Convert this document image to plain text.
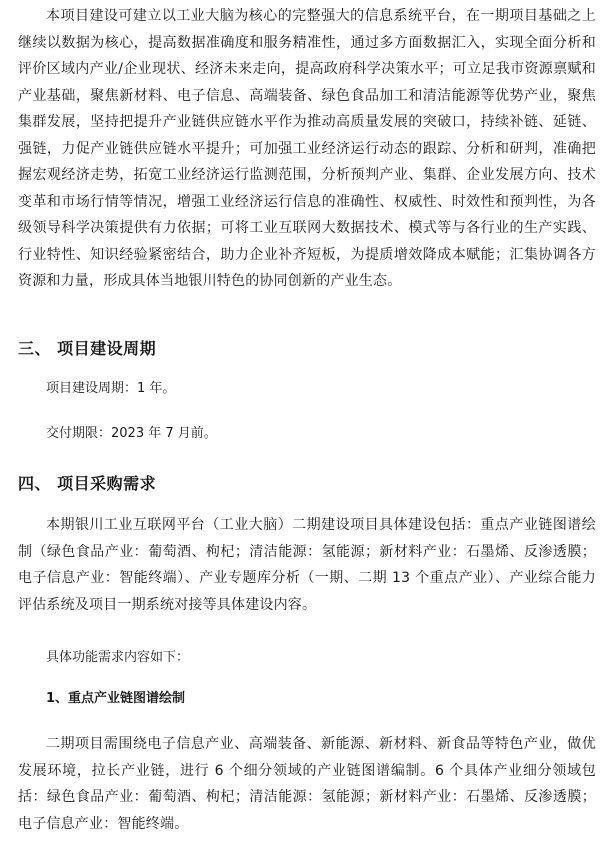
本项目建设可建立以工业大脑为核心的完整强大的信息系统平台，在一期项目基础之上继续以数据为核心，提高数据准确度和服务精准性，通过多方面数据汇入，实现全面分析和评价区域内产业/企业现状、经济未来走向，提高政府科学决策水平；可立足我市资源禀赋和产业基础，聚焦新材料、电子信息、高端装备、绿色食品加工和清洁能源等优势产业，聚焦集群发展，坚持把提升产业链供应链水平作为推动高质量发展的突破口，持续补链、延链、强链，力促产业链供应链水平提升；可加强工业经济运行动态的跟踪、分析和研判，准确把握宏观经济走势，拓宽工业经济运行监测范围，分析预判产业、集群、企业发展方向、技术变革和市场行情等情况，增强工业经济运行信息的准确性、权威性、时效性和预判性，为各级领导科学决策提供有力依据；可将工业互联网大数据技术、模式等与各行业的生产实践、行业特性、知识经验紧密结合，助力企业补齐短板，为提质增效降成本赋能；汇集协调各方资源和力量，形成具体当地银川特色的协同创新的产业生态。

三、 项目建设周期

项目建设周期：1 年。

交付期限：2023 年 7 月前。

四、 项目采购需求

本期银川工业互联网平台（工业大脑）二期建设项目具体建设包括：重点产业链图谱绘制（绿色食品产业：葡萄酒、枸杞；清洁能源：氢能源；新材料产业：石墨烯、反渗透膜；电子信息产业：智能终端）、产业专题库分析（一期、二期 13 个重点产业）、产业综合能力评估系统及项目一期系统对接等具体建设内容。

具体功能需求内容如下：

1、重点产业链图谱绘制

二期项目需围绕电子信息产业、高端装备、新能源、新材料、新食品等特色产业，做优发展环境，拉长产业链，进行 6 个细分领域的产业链图谱编制。6 个具体产业细分领域包括：绿色食品产业：葡萄酒、枸杞；清洁能源：氢能源；新材料产业：石墨烯、反渗透膜； 电子信息产业：智能终端。
